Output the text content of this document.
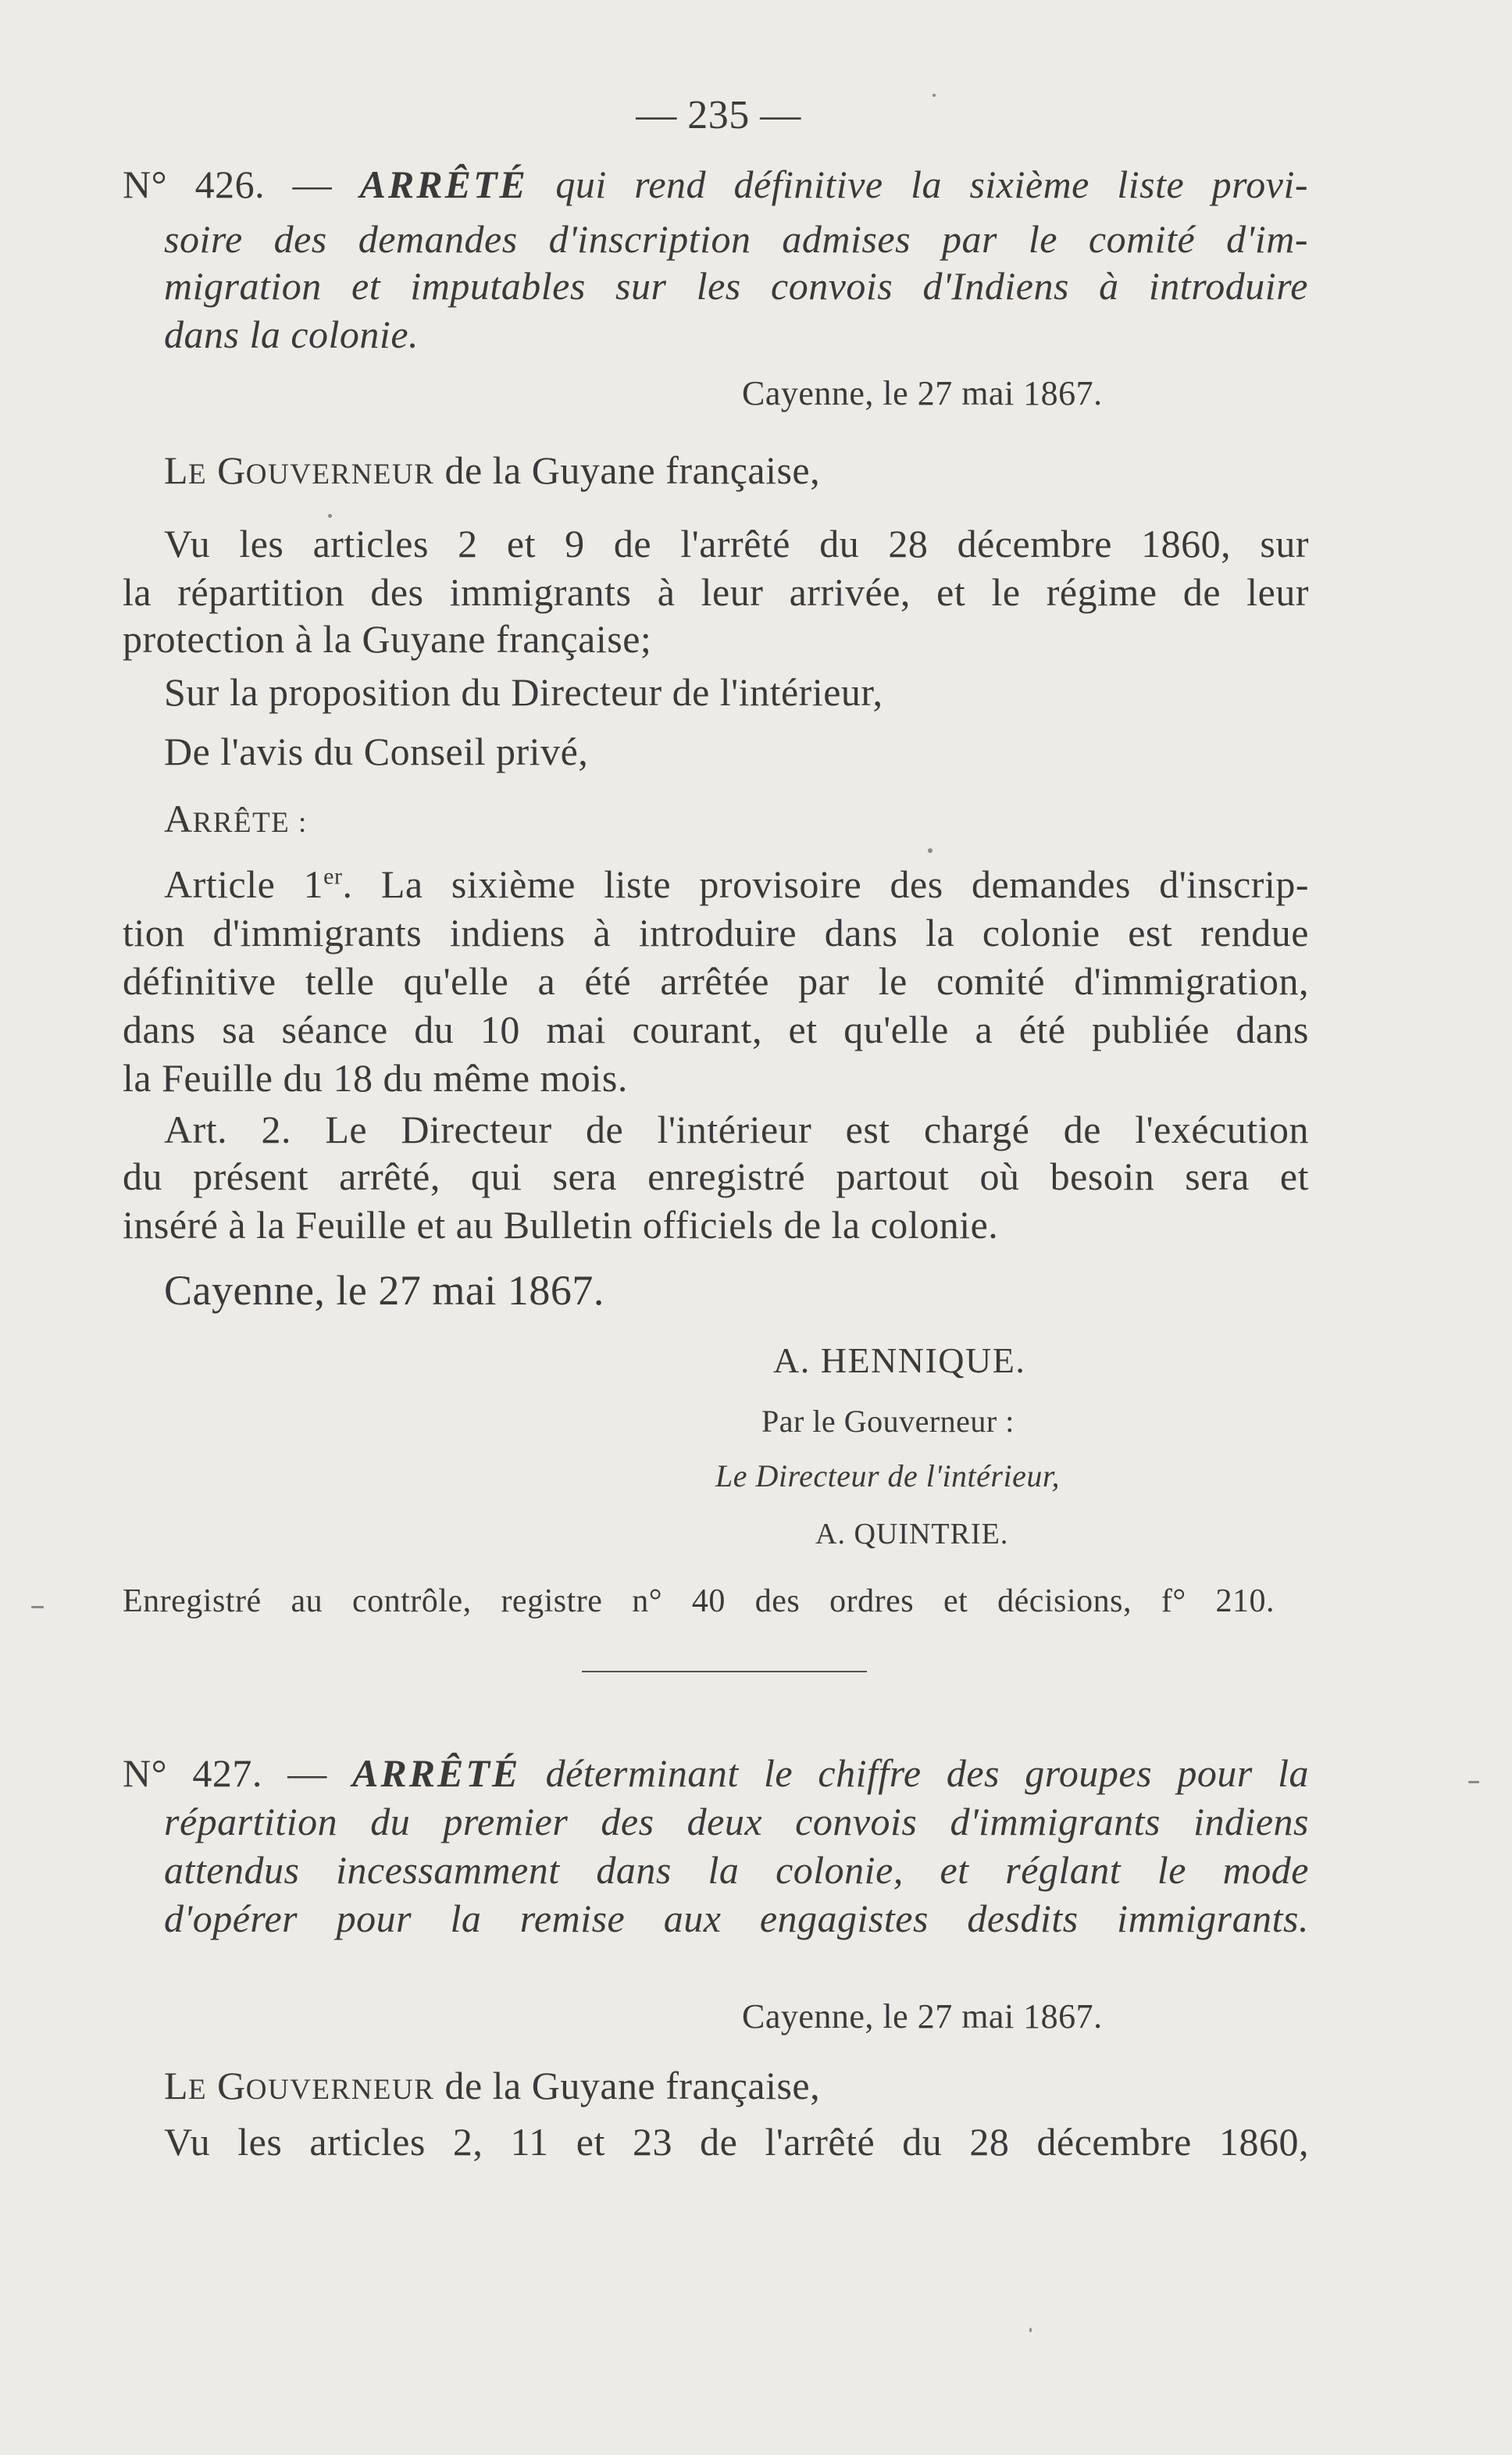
— 235 —
N° 426. — ARRÊTÉ qui rend définitive la sixième liste provi-
soire des demandes d'inscription admises par le comité d'im-
migration et imputables sur les convois d'Indiens à introduire
dans la colonie.
Cayenne, le 27 mai 1867.
LE GOUVERNEUR de la Guyane française,
Vu les articles 2 et 9 de l'arrêté du 28 décembre 1860, sur
la répartition des immigrants à leur arrivée, et le régime de leur
protection à la Guyane française;
Sur la proposition du Directeur de l'intérieur,
De l'avis du Conseil privé,
ARRÊTE :
Article 1er. La sixième liste provisoire des demandes d'inscrip-
tion d'immigrants indiens à introduire dans la colonie est rendue
définitive telle qu'elle a été arrêtée par le comité d'immigration,
dans sa séance du 10 mai courant, et qu'elle a été publiée dans
la Feuille du 18 du même mois.
Art. 2. Le Directeur de l'intérieur est chargé de l'exécution
du présent arrêté, qui sera enregistré partout où besoin sera et
inséré à la Feuille et au Bulletin officiels de la colonie.
Cayenne, le 27 mai 1867.
A. HENNIQUE.
Par le Gouverneur :
Le Directeur de l'intérieur,
A. QUINTRIE.
Enregistré au contrôle, registre n° 40 des ordres et décisions, f° 210.
N° 427. — ARRÊTÉ déterminant le chiffre des groupes pour la
répartition du premier des deux convois d'immigrants indiens
attendus incessamment dans la colonie, et réglant le mode
d'opérer pour la remise aux engagistes desdits immigrants.
Cayenne, le 27 mai 1867.
LE GOUVERNEUR de la Guyane française,
Vu les articles 2, 11 et 23 de l'arrêté du 28 décembre 1860,
